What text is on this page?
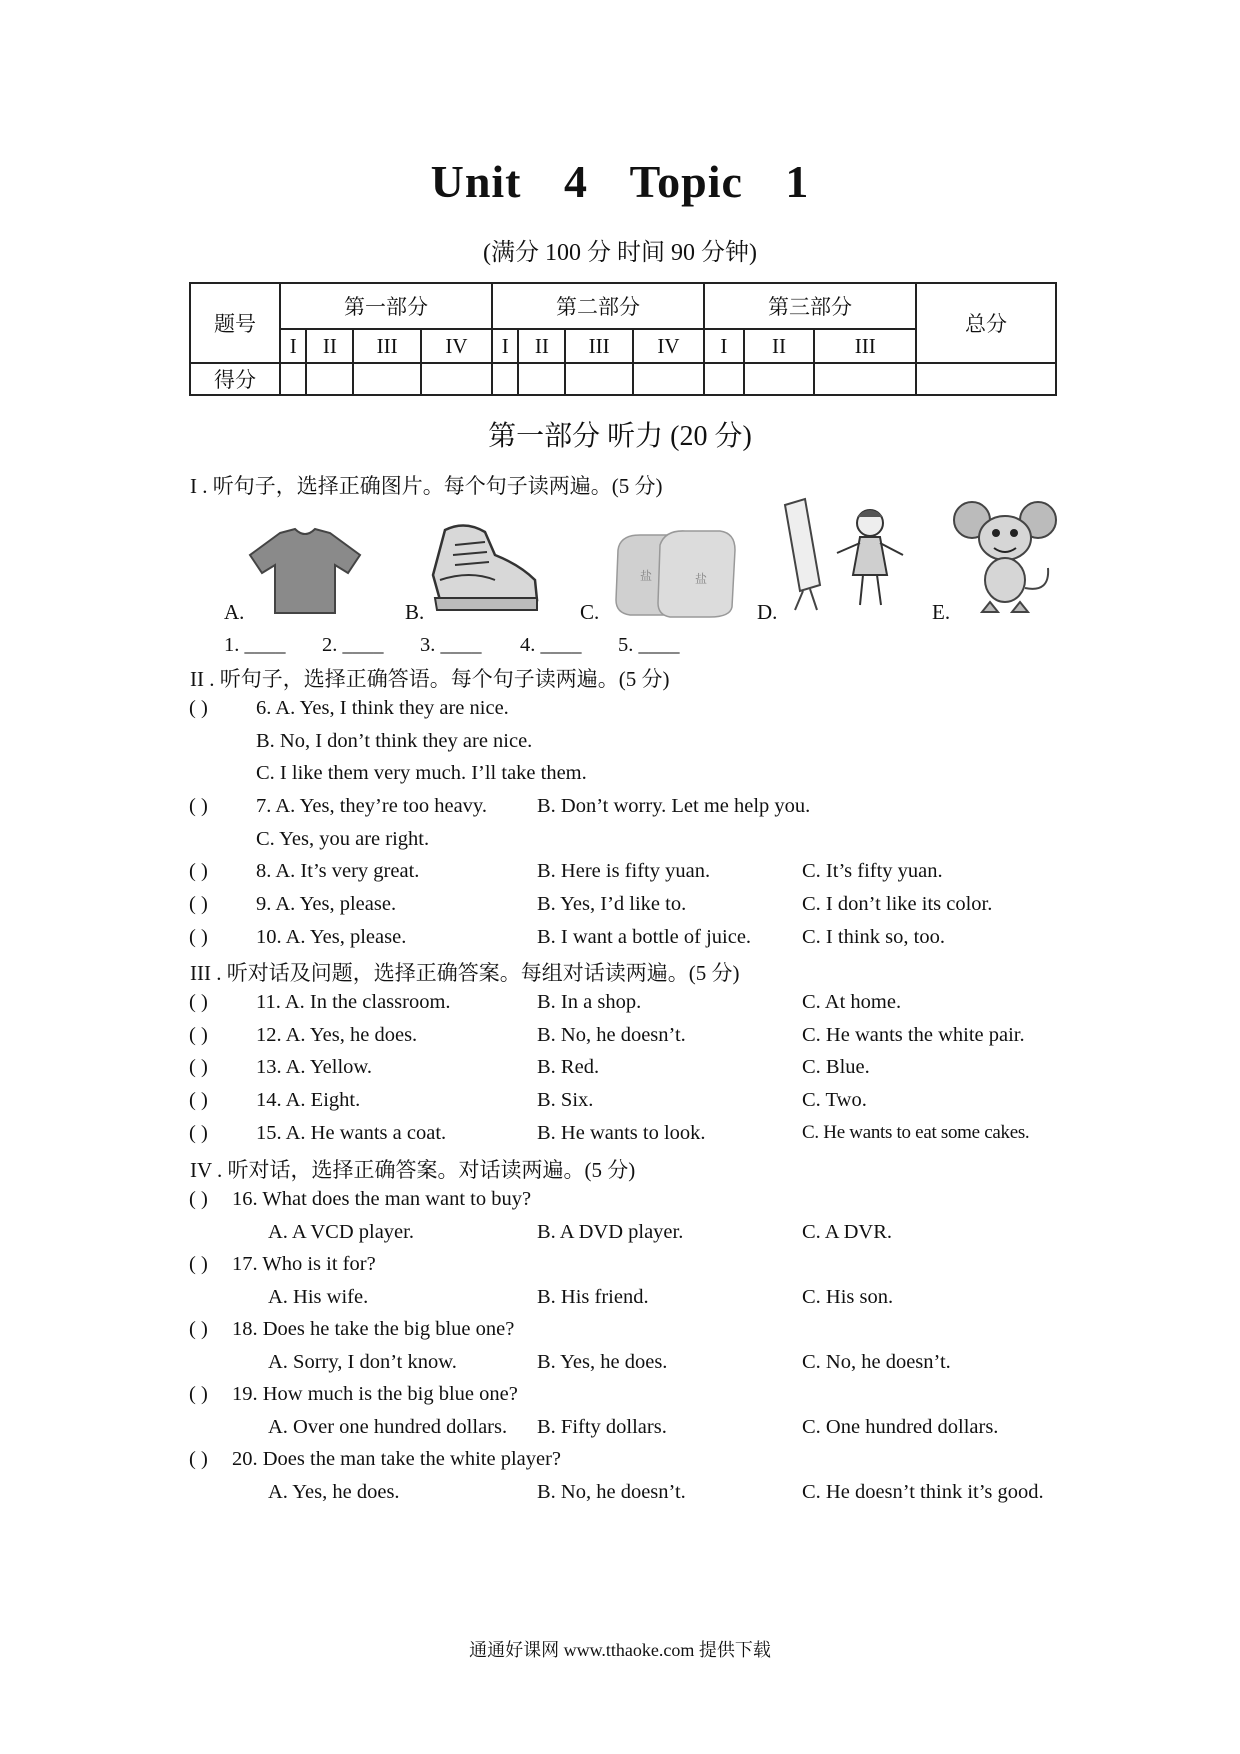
Unit 4 Topic 1
(满分 100 分 时间 90 分钟)
题号	第一部分				第二部分				第三部分			总分
	I	II	III	IV	I	II	III	IV	I	II	III	
得分												
第一部分 听力 (20 分)
I . 听句子，选择正确图片。每个句子读两遍。(5 分)
A.	B.
盐	盐
C.	D.	E.
1. ____ 2. ____ 3. ____ 4. ____ 5. ____
II . 听句子，选择正确答语。每个句子读两遍。(5 分)
( ) 6. A. Yes, I think they are nice.
B. No, I don’t think they are nice.
C. I like them very much. I’ll take them.
( ) 7. A. Yes, they’re too heavy. B. Don’t worry. Let me help you.
C. Yes, you are right.
( ) 8. A. It’s very great.	B. Here is fifty yuan.	C. It’s fifty yuan.
( ) 9. A. Yes, please.	B. Yes, I’d like to.	C. I don’t like its color.
( ) 10. A. Yes, please.	B. I want a bottle of juice. C. I think so, too.
III . 听对话及问题，选择正确答案。每组对话读两遍。(5 分)
( ) 11. A. In the classroom.	B. In a shop.	C. At home.
( ) 12. A. Yes, he does.	B. No, he doesn’t.	C. He wants the white pair.
( ) 13. A. Yellow.	B. Red.	C. Blue.
( ) 14. A. Eight.	B. Six.	C. Two.
( ) 15. A. He wants a coat.	B. He wants to look.	C. He wants to eat some cakes.
IV . 听对话，选择正确答案。对话读两遍。(5 分)
( ) 16. What does the man want to buy?
A. A VCD player.	B. A DVD player.	C. A DVR.
( ) 17. Who is it for?
A. His wife.	B. His friend.	C. His son.
( ) 18. Does he take the big blue one?
A. Sorry, I don’t know.	B. Yes, he does.	C. No, he doesn’t.
( ) 19. How much is the big blue one?
A. Over one hundred dollars. B. Fifty dollars.	C. One hundred dollars.
( ) 20. Does the man take the white player?
A. Yes, he does.	B. No, he doesn’t.	C. He doesn’t think it’s good.
通通好课网 www.tthaoke.com 提供下载
